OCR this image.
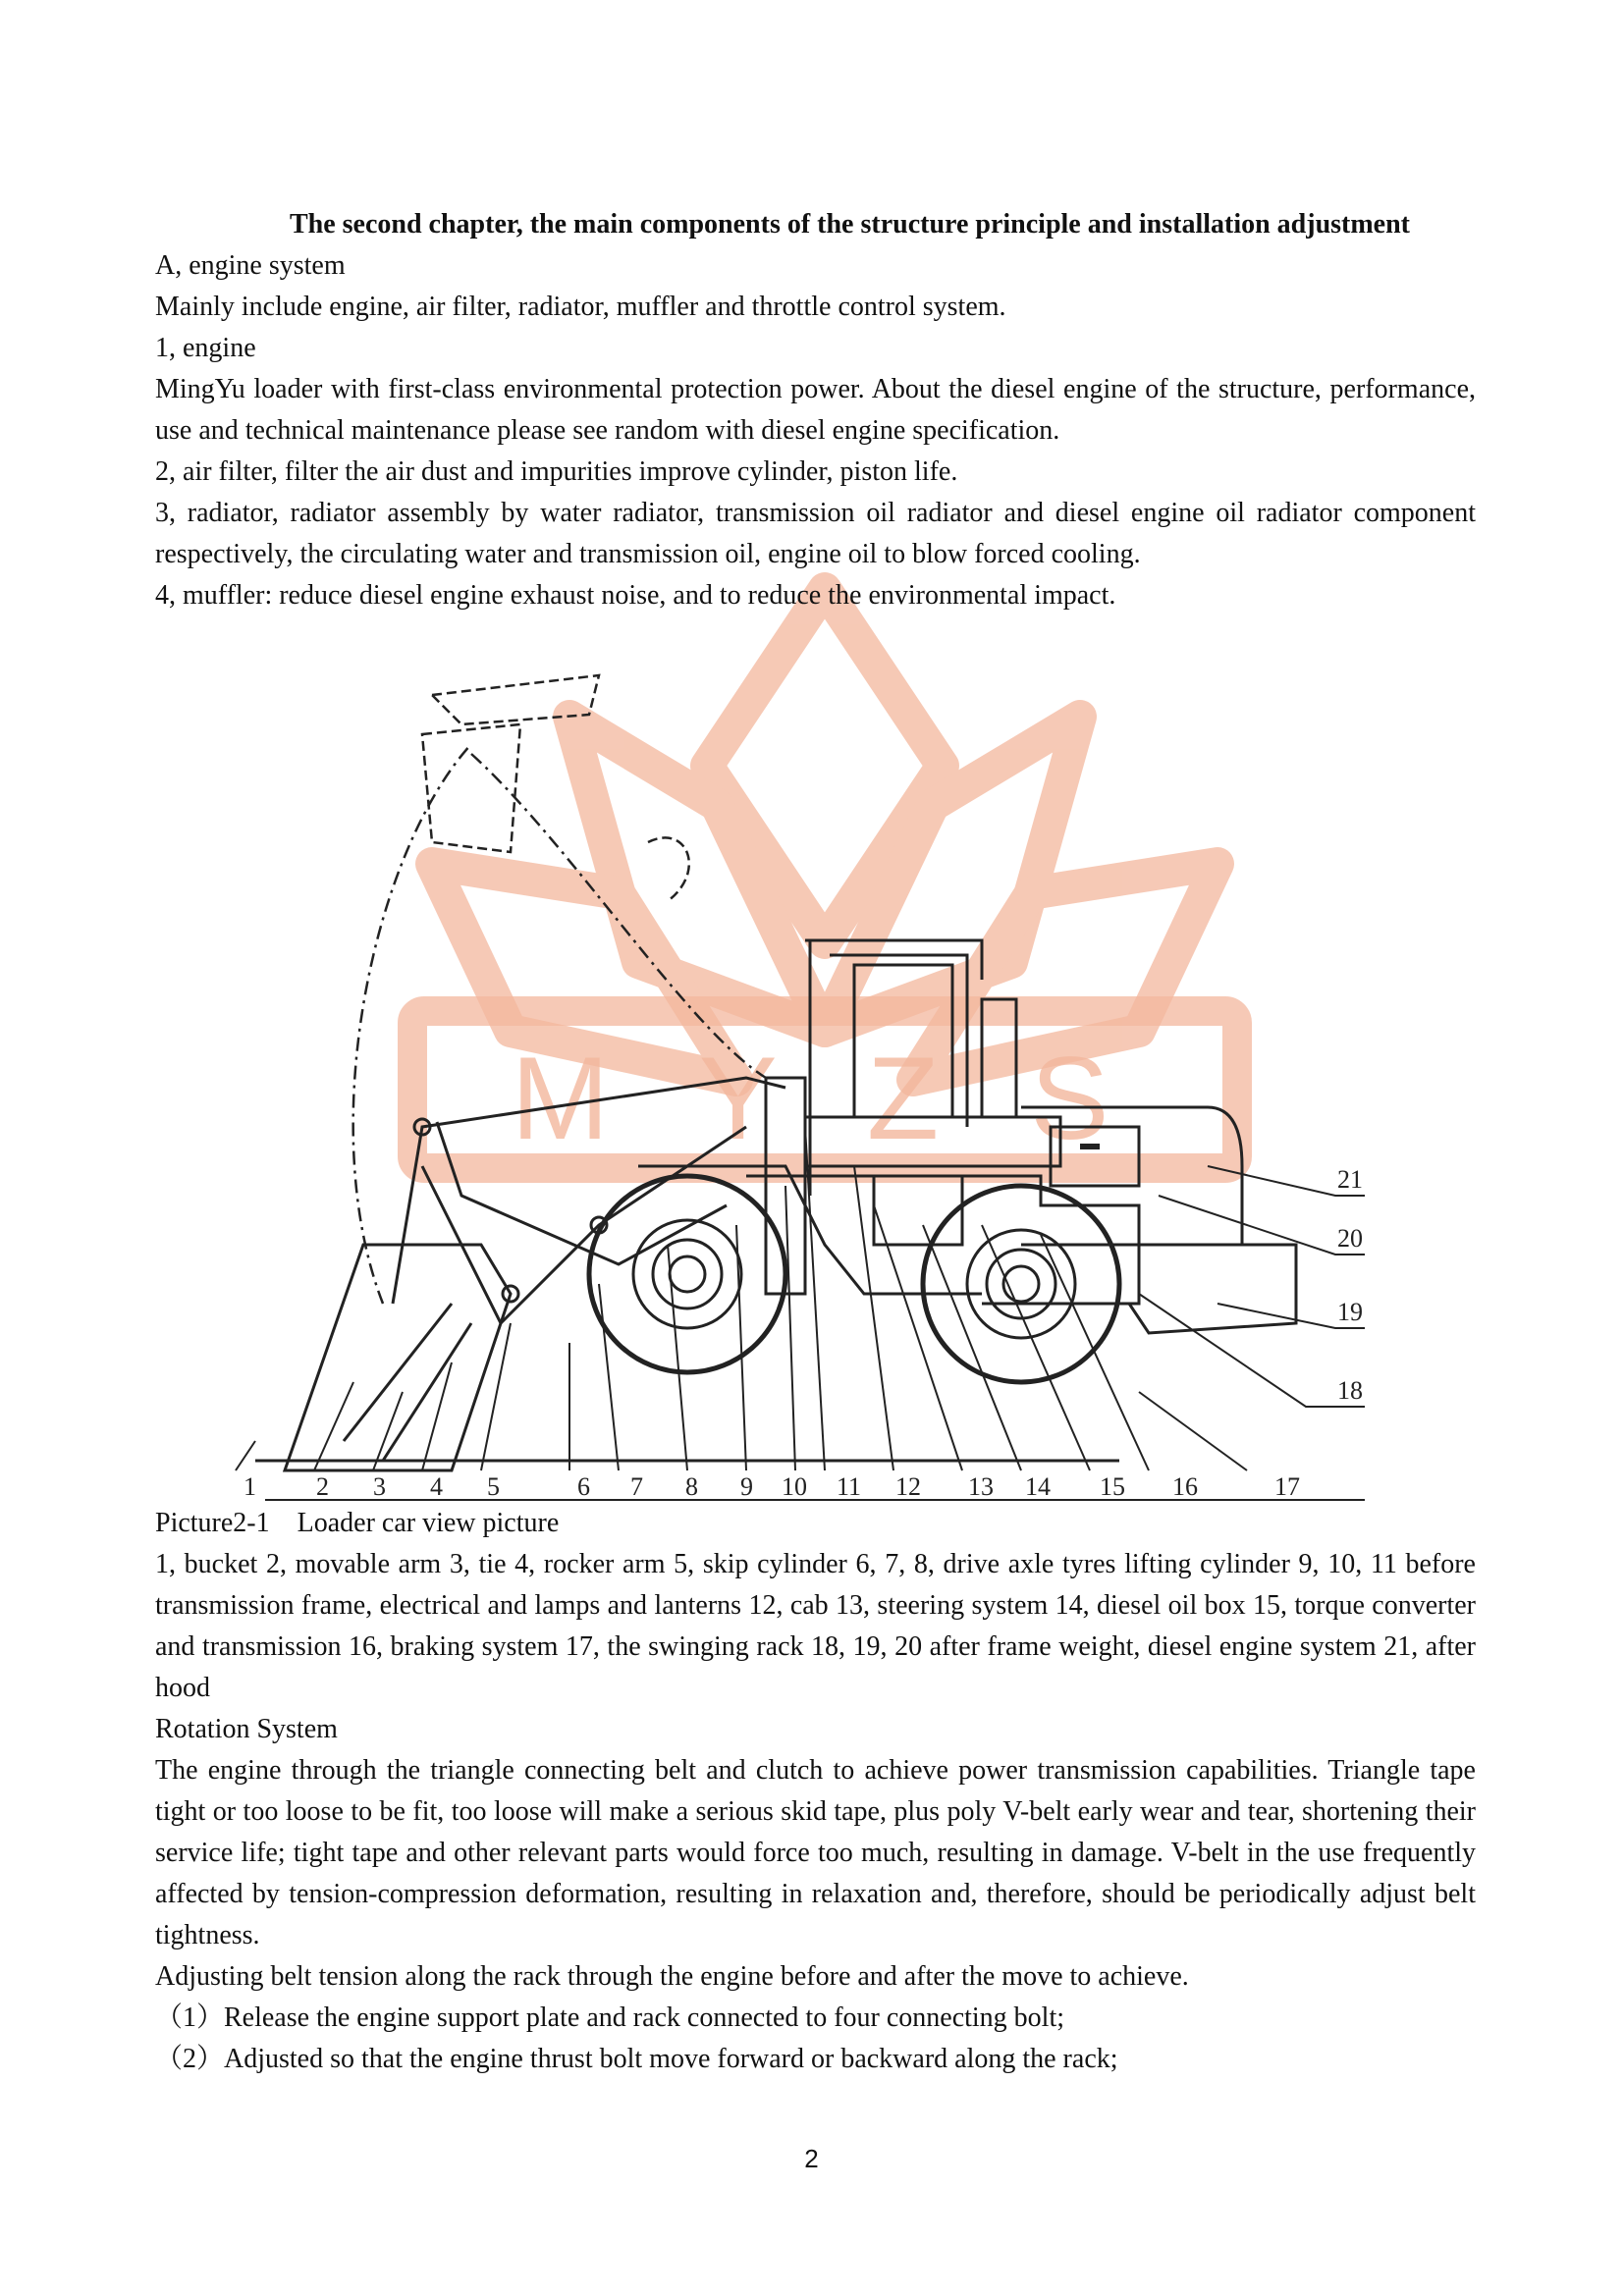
M Y Z S

The second chapter, the main components of the structure principle and installation adjustment

A, engine system

Mainly include engine, air filter, radiator, muffler and throttle control system.

1, engine

MingYu loader with first-class environmental protection power. About the diesel engine of the structure, performance, use and technical maintenance please see random with diesel engine specification.

2, air filter, filter the air dust and impurities improve cylinder, piston life.

3, radiator, radiator assembly by water radiator, transmission oil radiator and diesel engine oil radiator component respectively, the circulating water and transmission oil, engine oil to blow forced cooling.

4, muffler: reduce diesel engine exhaust noise, and to reduce the environmental impact.

1 2 3 4 5	6 7 8 9 10 11 12 13 14 15 16	17
21
20
19
18
Picture2-1 Loader car view picture

1, bucket 2, movable arm 3, tie 4, rocker arm 5, skip cylinder 6, 7, 8, drive axle tyres lifting cylinder 9, 10, 11 before transmission frame, electrical and lamps and lanterns 12, cab 13, steering system 14, diesel oil box 15, torque converter and transmission 16, braking system 17, the swinging rack 18, 19, 20 after frame weight, diesel engine system 21, after hood

Rotation System

The engine through the triangle connecting belt and clutch to achieve power transmission capabilities. Triangle tape tight or too loose to be fit, too loose will make a serious skid tape, plus poly V-belt early wear and tear, shortening their service life; tight tape and other relevant parts would force too much, resulting in damage. V-belt in the use frequently affected by tension-compression deformation, resulting in relaxation and, therefore, should be periodically adjust belt tightness.

Adjusting belt tension along the rack through the engine before and after the move to achieve.

（1）Release the engine support plate and rack connected to four connecting bolt;

（2）Adjusted so that the engine thrust bolt move forward or backward along the rack;

2
